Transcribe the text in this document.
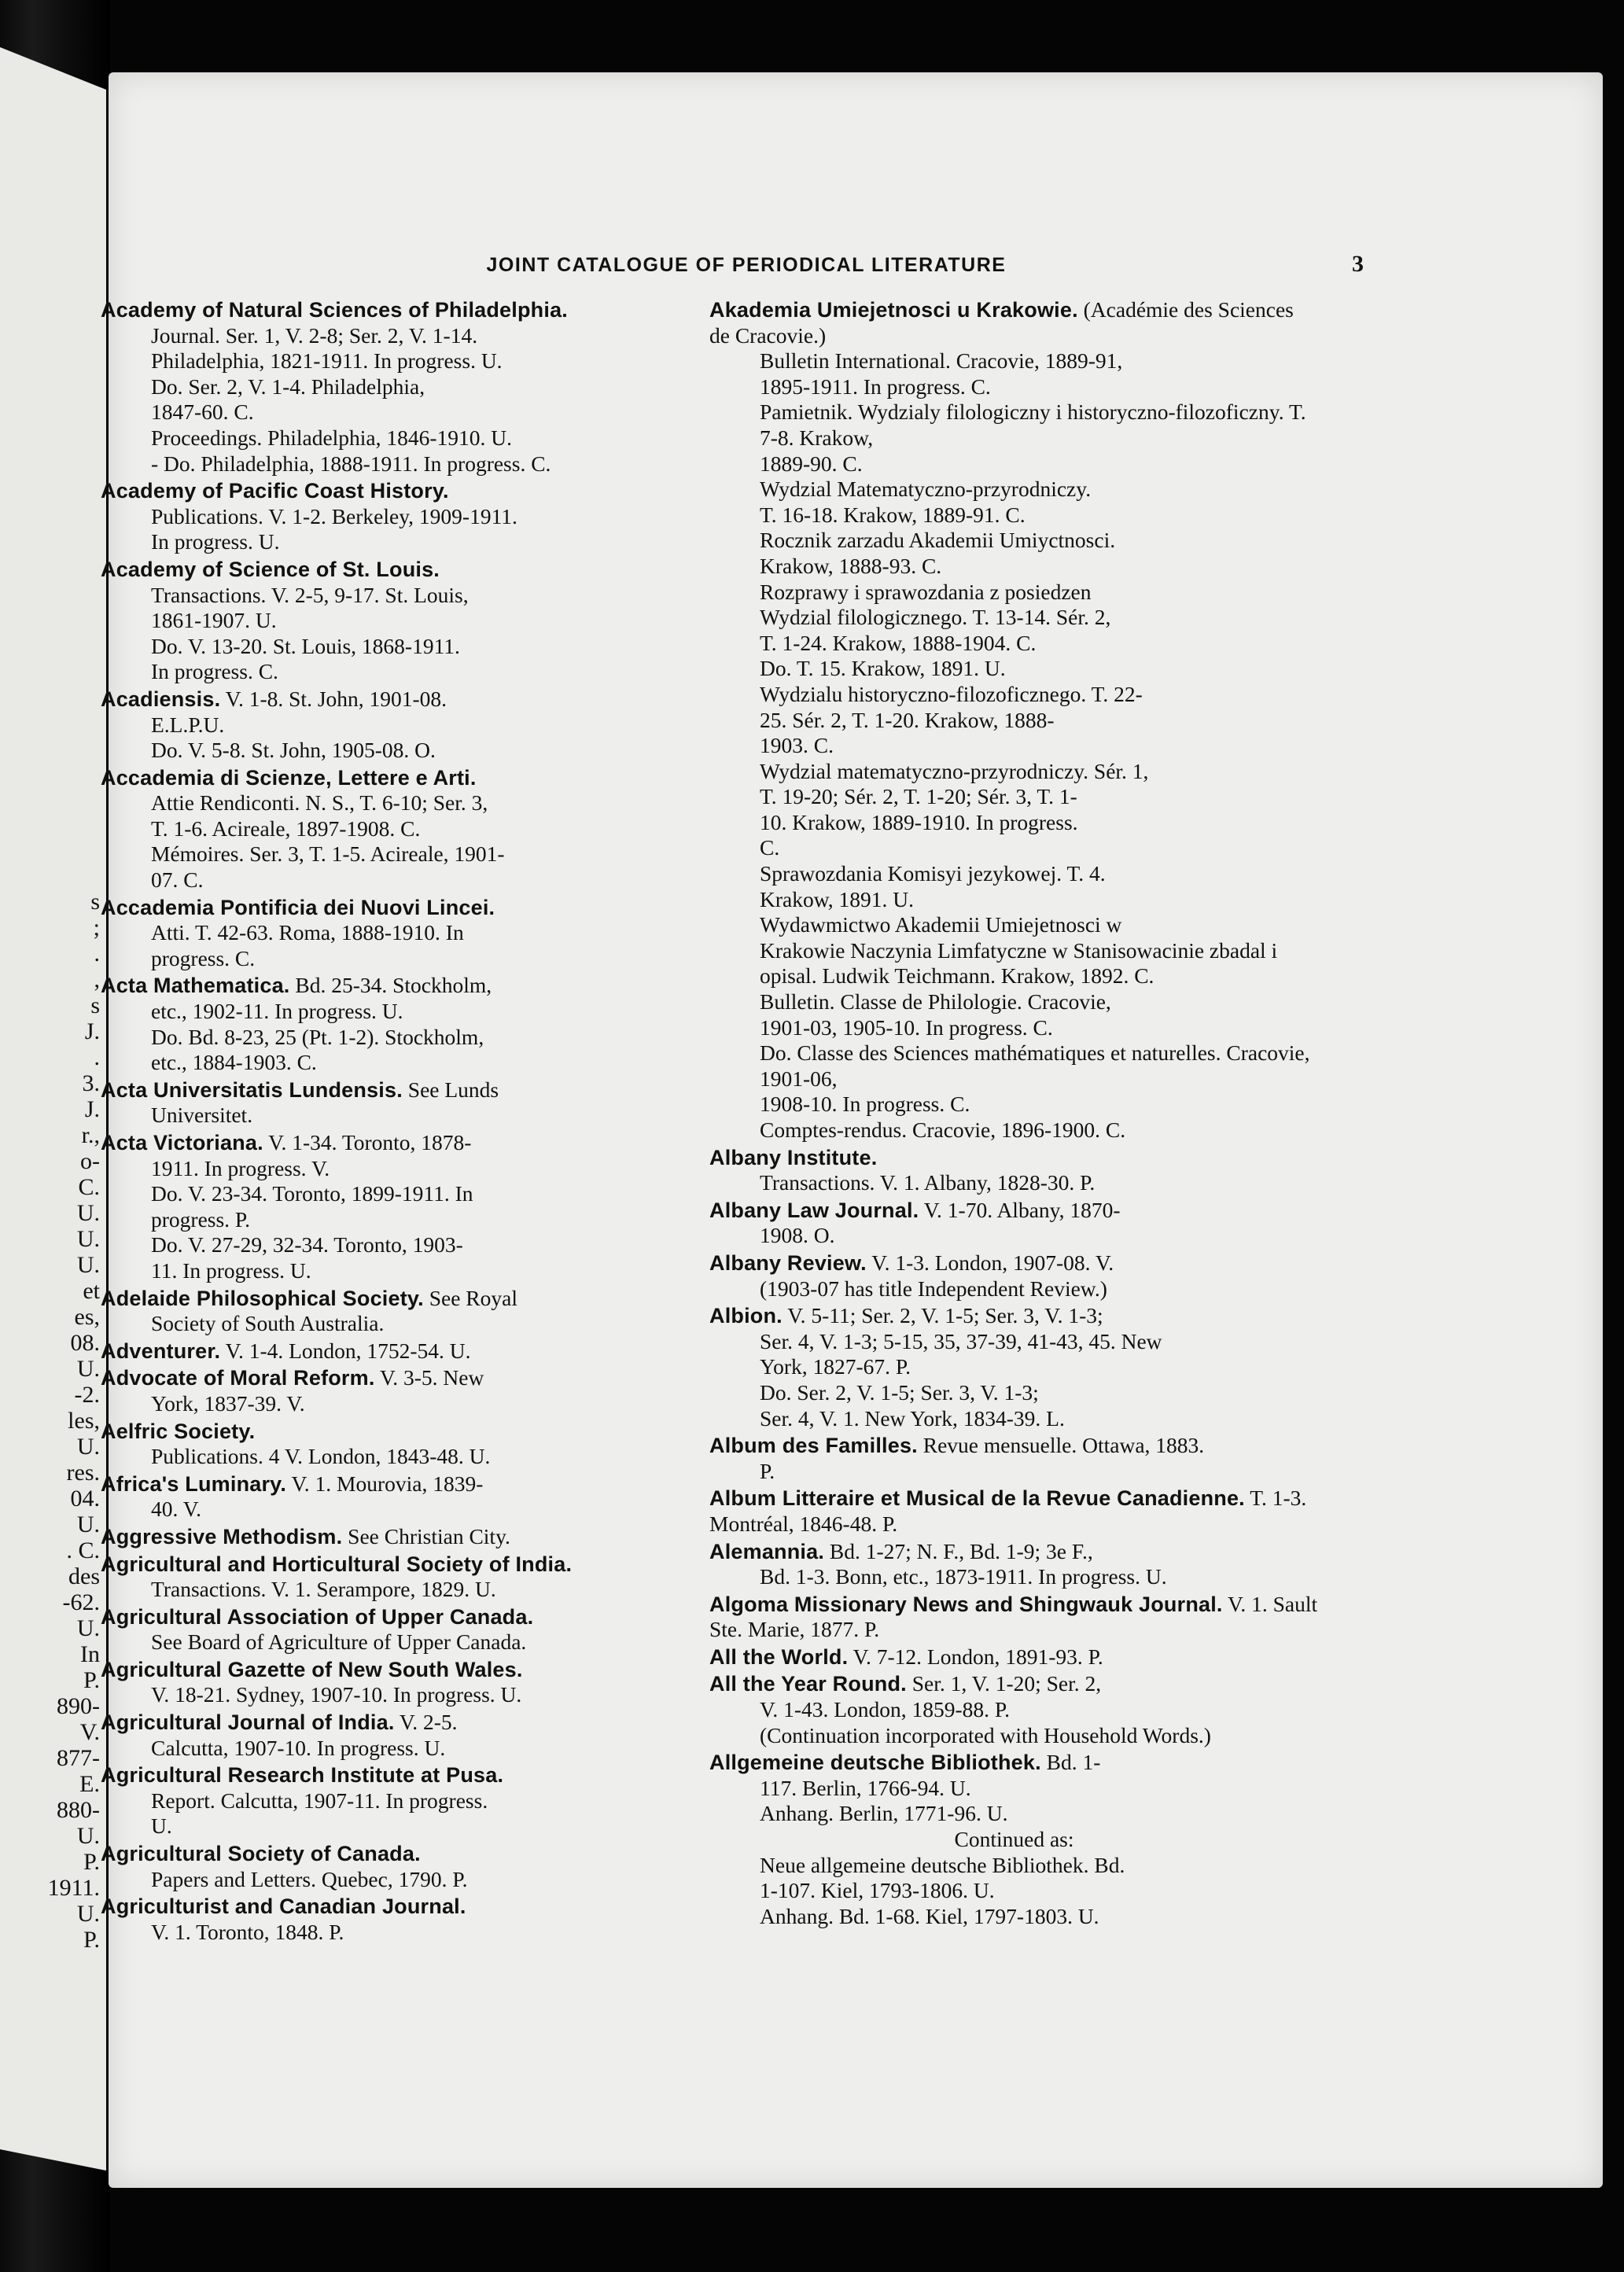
s
;
.
,
s
J.
.
3.
J.
r.,
o-
C.
U.
U.
U.
et
es,
08.
U.
-2.
les,
U.
res.
04.
U.
. C.
des
-62.
U.
In
P.
890-
V.
877-
E.
880-
U.
P.
1911.
U.
P.
JOINT CATALOGUE OF PERIODICAL LITERATURE	3
Academy of Natural Sciences of Philadelphia.
Journal. Ser. 1, V. 2-8; Ser. 2, V. 1-14.
Philadelphia, 1821-1911. In progress. U.
Do. Ser. 2, V. 1-4. Philadelphia,
1847-60. C.
Proceedings. Philadelphia, 1846-1910. U.
- Do. Philadelphia, 1888-1911. In progress. C.
Academy of Pacific Coast History.
Publications. V. 1-2. Berkeley, 1909-1911.
In progress. U.
Academy of Science of St. Louis.
Transactions. V. 2-5, 9-17. St. Louis,
1861-1907. U.
Do. V. 13-20. St. Louis, 1868-1911.
In progress. C.
Acadiensis. V. 1-8. St. John, 1901-08.
E.L.P.U.
Do. V. 5-8. St. John, 1905-08. O.
Accademia di Scienze, Lettere e Arti.
Attie Rendiconti. N. S., T. 6-10; Ser. 3,
T. 1-6. Acireale, 1897-1908. C.
Mémoires. Ser. 3, T. 1-5. Acireale, 1901-
07. C.
Accademia Pontificia dei Nuovi Lincei.
Atti. T. 42-63. Roma, 1888-1910. In
progress. C.
Acta Mathematica. Bd. 25-34. Stockholm,
etc., 1902-11. In progress. U.
Do. Bd. 8-23, 25 (Pt. 1-2). Stockholm,
etc., 1884-1903. C.
Acta Universitatis Lundensis. See Lunds
Universitet.
Acta Victoriana. V. 1-34. Toronto, 1878-
1911. In progress. V.
Do. V. 23-34. Toronto, 1899-1911. In
progress. P.
Do. V. 27-29, 32-34. Toronto, 1903-
11. In progress. U.
Adelaide Philosophical Society. See Royal
Society of South Australia.
Adventurer. V. 1-4. London, 1752-54. U.
Advocate of Moral Reform. V. 3-5. New
York, 1837-39. V.
Aelfric Society.
Publications. 4 V. London, 1843-48. U.
Africa's Luminary. V. 1. Mourovia, 1839-
40. V.
Aggressive Methodism. See Christian City.
Agricultural and Horticultural Society of India.
Transactions. V. 1. Serampore, 1829. U.
Agricultural Association of Upper Canada.
See Board of Agriculture of Upper Canada.
Agricultural Gazette of New South Wales.
V. 18-21. Sydney, 1907-10. In progress. U.
Agricultural Journal of India. V. 2-5.
Calcutta, 1907-10. In progress. U.
Agricultural Research Institute at Pusa.
Report. Calcutta, 1907-11. In progress.
U.
Agricultural Society of Canada.
Papers and Letters. Quebec, 1790. P.
Agriculturist and Canadian Journal.
V. 1. Toronto, 1848. P.
Akademia Umiejetnosci u Krakowie. (Académie des Sciences de Cracovie.)
Bulletin International. Cracovie, 1889-91,
1895-1911. In progress. C.
Pamietnik. Wydzialy filologiczny i historyczno-filozoficzny. T. 7-8. Krakow,
1889-90. C.
Wydzial Matematyczno-przyrodniczy.
T. 16-18. Krakow, 1889-91. C.
Rocznik zarzadu Akademii Umiyctnosci.
Krakow, 1888-93. C.
Rozprawy i sprawozdania z posiedzen
Wydzial filologicznego. T. 13-14. Sér. 2,
T. 1-24. Krakow, 1888-1904. C.
Do. T. 15. Krakow, 1891. U.
Wydzialu historyczno-filozoficznego. T. 22-
25. Sér. 2, T. 1-20. Krakow, 1888-
1903. C.
Wydzial matematyczno-przyrodniczy. Sér. 1,
T. 19-20; Sér. 2, T. 1-20; Sér. 3, T. 1-
10. Krakow, 1889-1910. In progress.
C.
Sprawozdania Komisyi jezykowej. T. 4.
Krakow, 1891. U.
Wydawmictwo Akademii Umiejetnosci w
Krakowie Naczynia Limfatyczne w Stanisowacinie zbadal i opisal. Ludwik Teichmann. Krakow, 1892. C.
Bulletin. Classe de Philologie. Cracovie,
1901-03, 1905-10. In progress. C.
Do. Classe des Sciences mathématiques et naturelles. Cracovie, 1901-06,
1908-10. In progress. C.
Comptes-rendus. Cracovie, 1896-1900. C.
Albany Institute.
Transactions. V. 1. Albany, 1828-30. P.
Albany Law Journal. V. 1-70. Albany, 1870-
1908. O.
Albany Review. V. 1-3. London, 1907-08. V.
(1903-07 has title Independent Review.)
Albion. V. 5-11; Ser. 2, V. 1-5; Ser. 3, V. 1-3;
Ser. 4, V. 1-3; 5-15, 35, 37-39, 41-43, 45. New
York, 1827-67. P.
Do. Ser. 2, V. 1-5; Ser. 3, V. 1-3;
Ser. 4, V. 1. New York, 1834-39. L.
Album des Familles. Revue mensuelle. Ottawa, 1883.
P.
Album Litteraire et Musical de la Revue Canadienne. T. 1-3. Montréal, 1846-48. P.
Alemannia. Bd. 1-27; N. F., Bd. 1-9; 3e F.,
Bd. 1-3. Bonn, etc., 1873-1911. In progress. U.
Algoma Missionary News and Shingwauk Journal. V. 1. Sault Ste. Marie, 1877. P.
All the World. V. 7-12. London, 1891-93. P.
All the Year Round. Ser. 1, V. 1-20; Ser. 2,
V. 1-43. London, 1859-88. P.
(Continuation incorporated with Household Words.)
Allgemeine deutsche Bibliothek. Bd. 1-
117. Berlin, 1766-94. U.
Anhang. Berlin, 1771-96. U.
Continued as:
Neue allgemeine deutsche Bibliothek. Bd.
1-107. Kiel, 1793-1806. U.
Anhang. Bd. 1-68. Kiel, 1797-1803. U.
